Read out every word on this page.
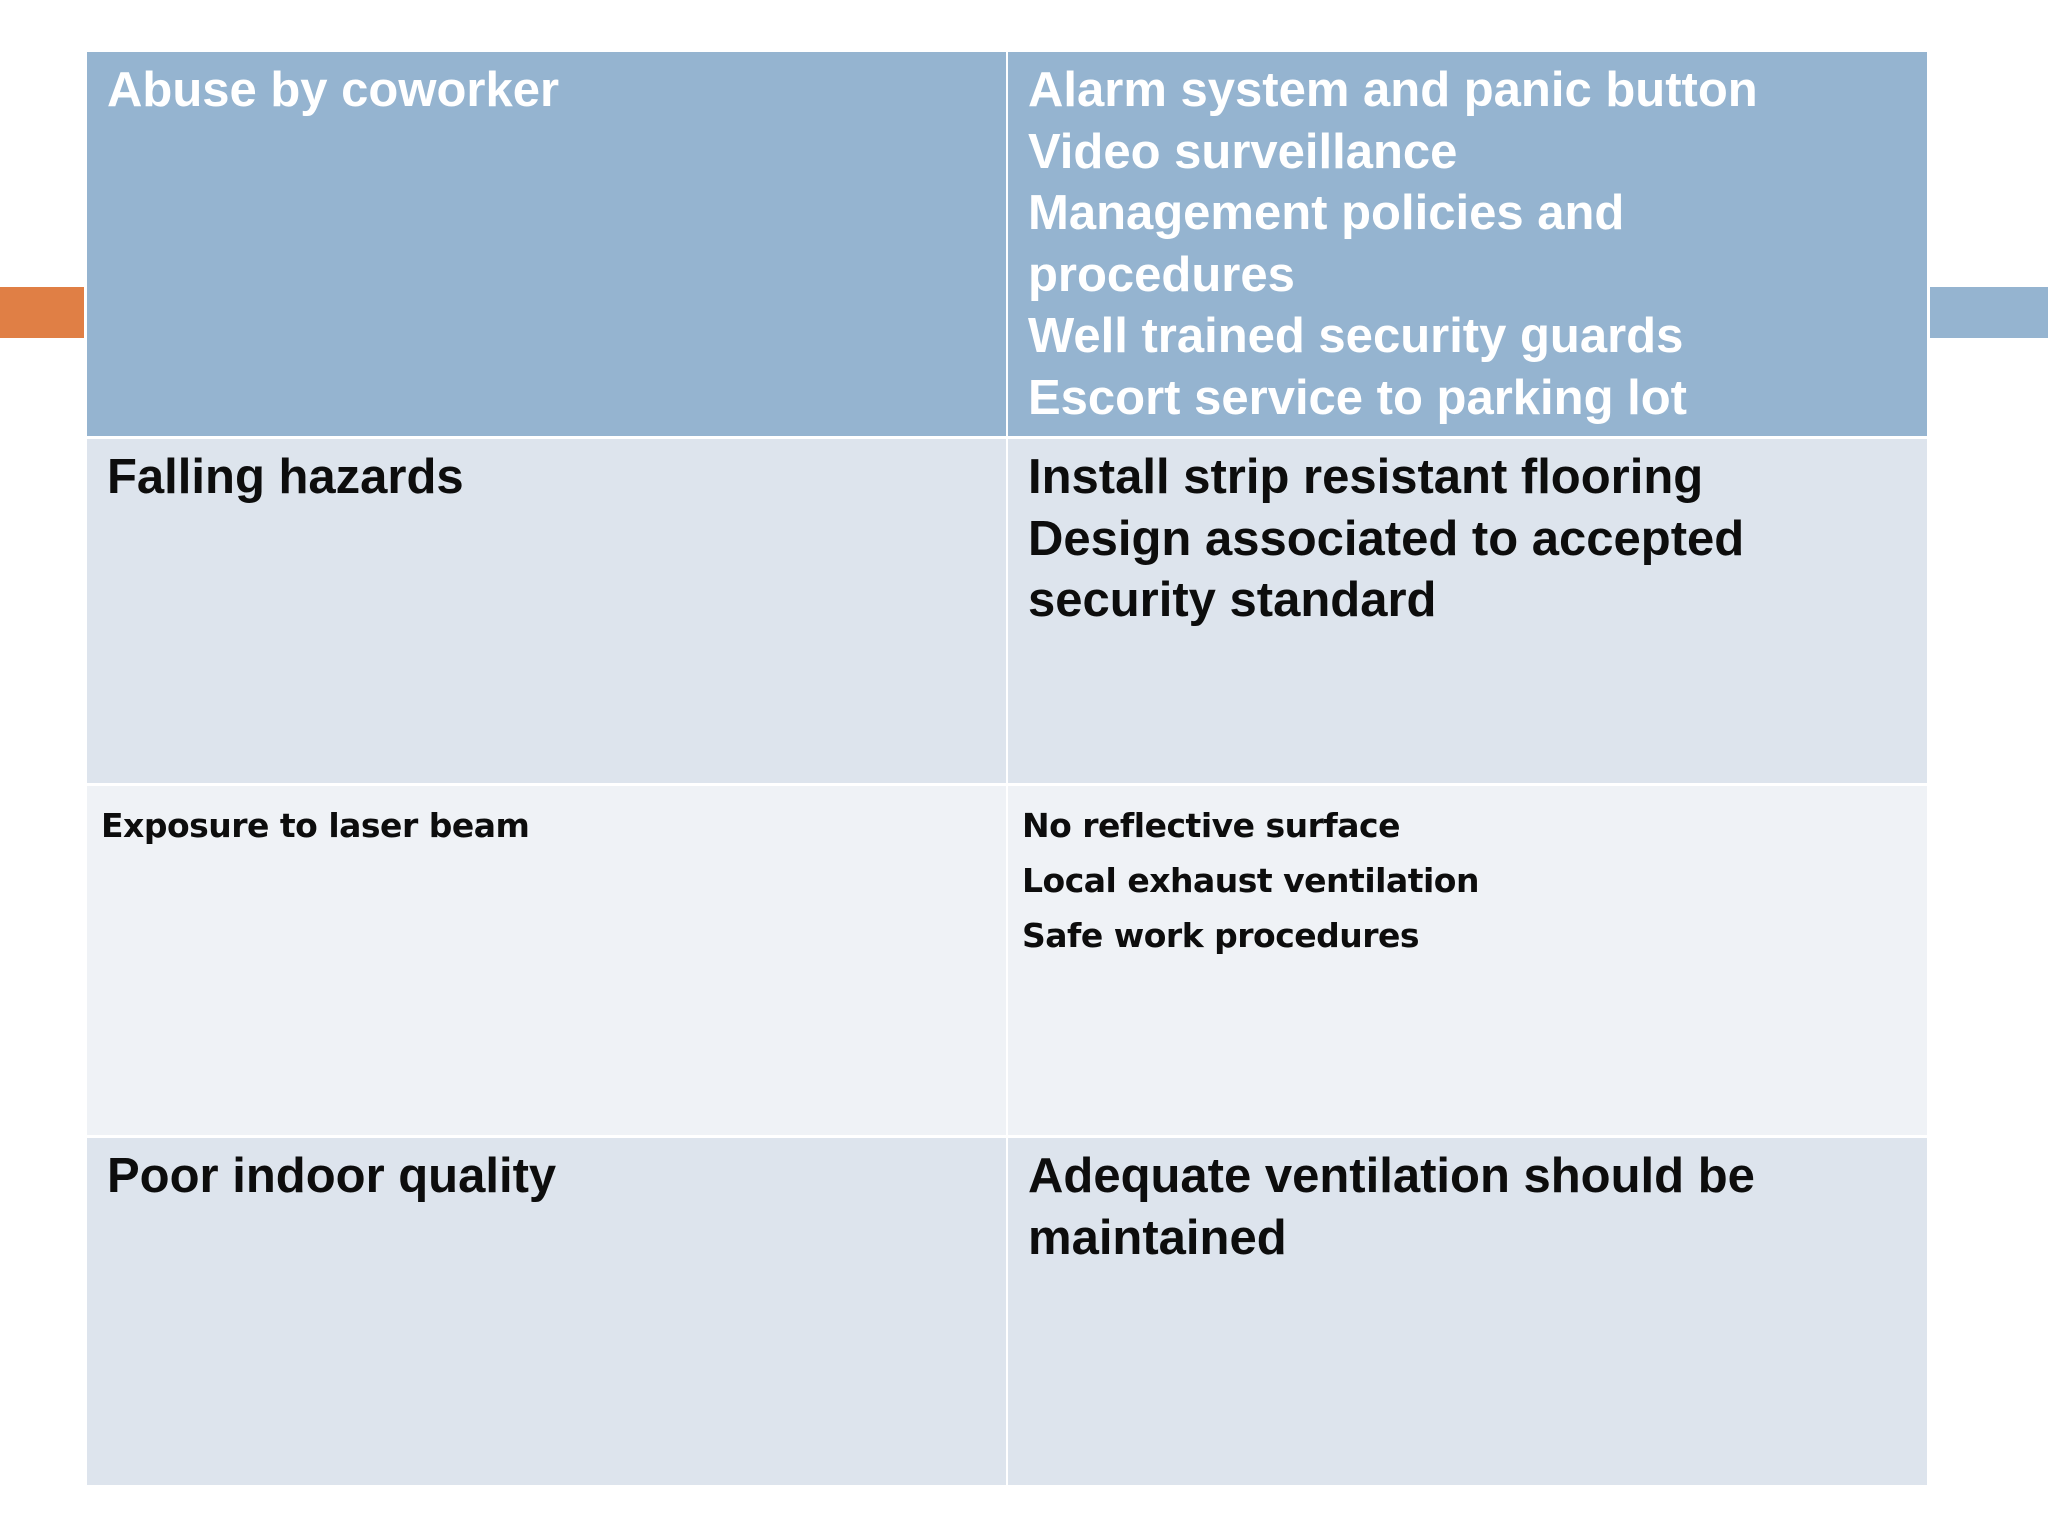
Abuse by coworker	Alarm system and panic button
Video surveillance
Management policies and
procedures
Well trained security guards
Escort service to parking lot
Falling hazards	Install strip resistant flooring
Design associated to accepted
security standard
Exposure to laser beam	No reflective surface
Local exhaust ventilation
Safe work procedures
Poor indoor quality	Adequate ventilation should be
maintained
